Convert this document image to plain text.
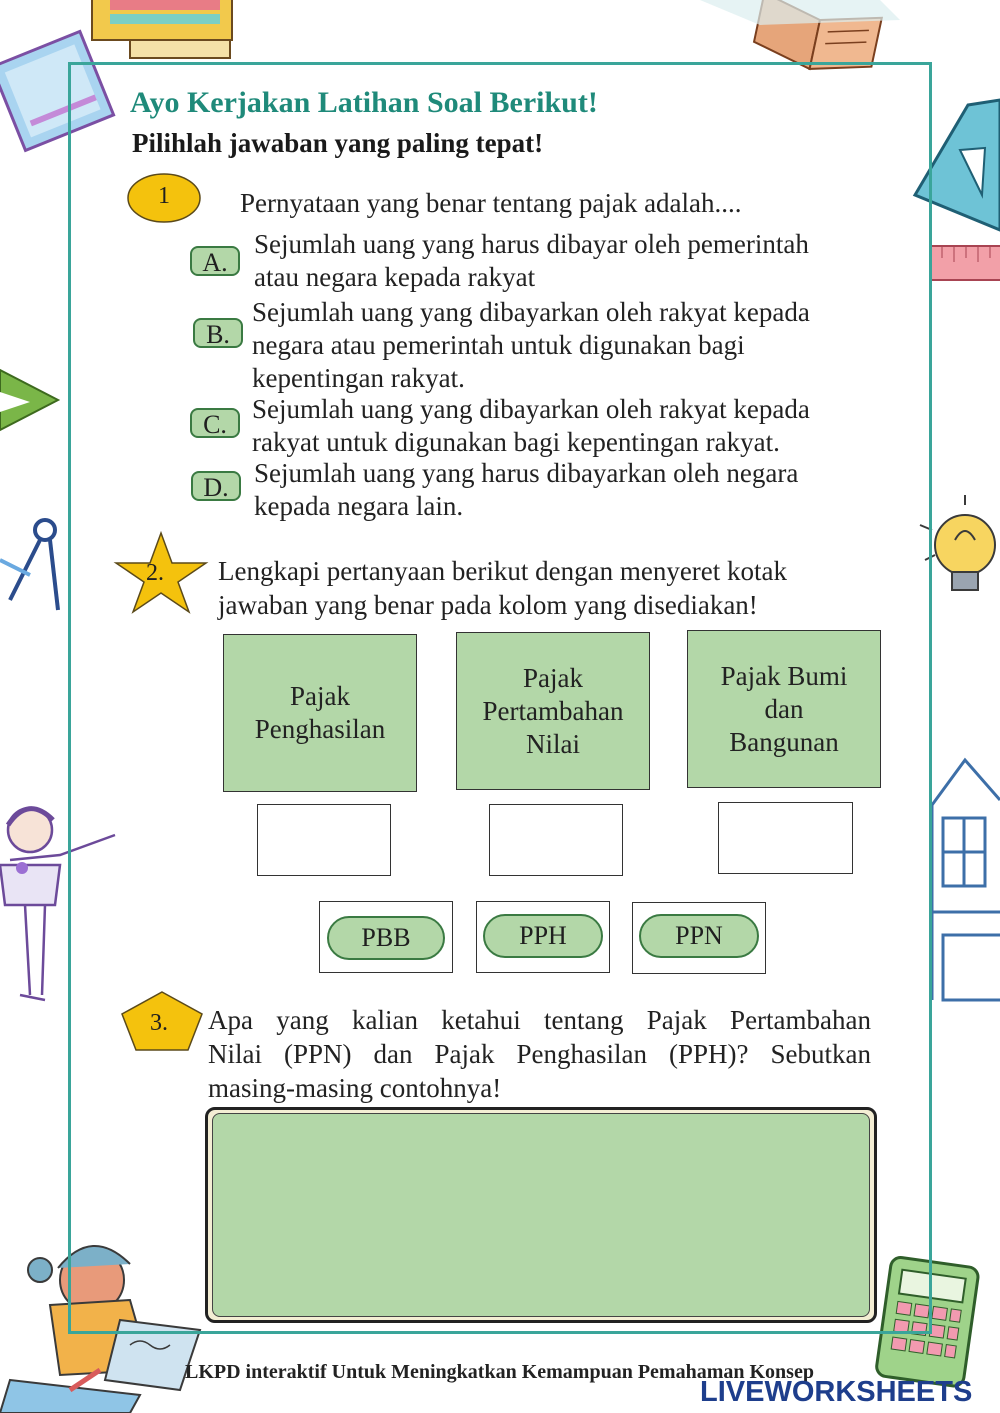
Ayo Kerjakan Latihan Soal Berikut!
Pilihlah jawaban yang paling tepat!
1	Pernyataan yang benar tentang pajak adalah....
A.
Sejumlah uang yang harus dibayar oleh pemerintah
atau negara kepada rakyat
B.
Sejumlah uang yang dibayarkan oleh rakyat kepada
negara atau pemerintah untuk digunakan bagi
kepentingan rakyat.
C.
Sejumlah uang yang dibayarkan oleh rakyat kepada
rakyat untuk digunakan bagi kepentingan rakyat.
D. Sejumlah uang yang harus dibayarkan oleh negara
kepada negara lain.
2. Lengkapi pertanyaan berikut dengan menyeret kotak
jawaban yang benar pada kolom yang disediakan!
Pajak
Penghasilan
Pajak
Pertambahan
Nilai
Pajak Bumi
dan
Bangunan
PBB	PPH	PPN
3. Apa yang kalian ketahui tentang Pajak Pertambahan
Nilai (PPN) dan Pajak Penghasilan (PPH)? Sebutkan
masing-masing contohnya!
LKPD interaktif Untuk Meningkatkan Kemampuan Pemahaman Konsep
LIVEWORKSHEETS
